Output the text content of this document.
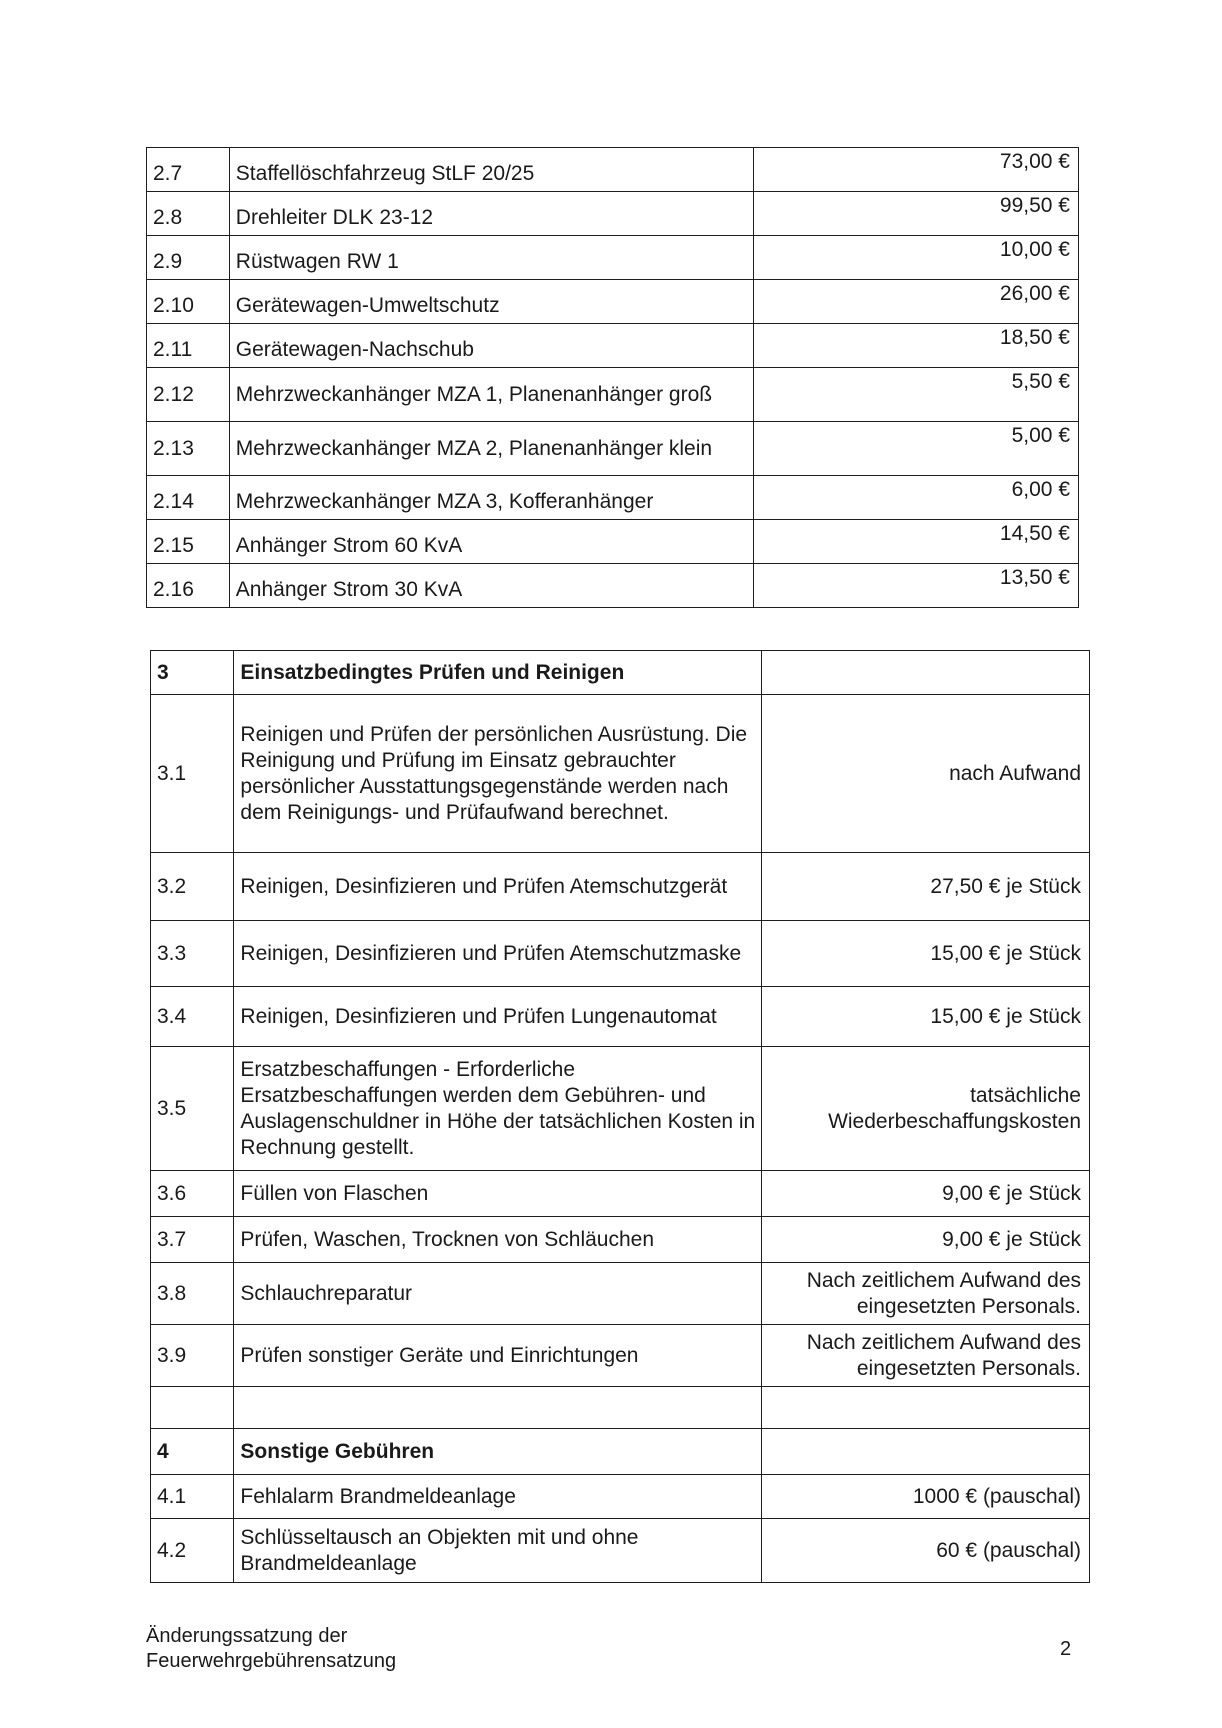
2.7	Staffellöschfahrzeug StLF 20/25	73,00 €
2.8	Drehleiter DLK 23-12	99,50 €
2.9	Rüstwagen RW 1	10,00 €
2.10	Gerätewagen-Umweltschutz	26,00 €
2.11	Gerätewagen-Nachschub	18,50 €
2.12	Mehrzweckanhänger MZA 1, Planenanhänger groß	5,50 €
2.13	Mehrzweckanhänger MZA 2, Planenanhänger klein	5,00 €
2.14	Mehrzweckanhänger MZA 3, Kofferanhänger	6,00 €
2.15	Anhänger Strom 60 KvA	14,50 €
2.16	Anhänger Strom 30 KvA	13,50 €
3	Einsatzbedingtes Prüfen und Reinigen	
3.1	Reinigen und Prüfen der persönlichen Ausrüstung. Die Reinigung und Prüfung im Einsatz gebrauchter persönlicher Ausstattungsgegenstände werden nach dem Reinigungs- und Prüfaufwand berechnet.	nach Aufwand
3.2	Reinigen, Desinfizieren und Prüfen Atemschutzgerät	27,50 € je Stück
3.3	Reinigen, Desinfizieren und Prüfen Atemschutzmaske	15,00 € je Stück
3.4	Reinigen, Desinfizieren und Prüfen Lungenautomat	15,00 € je Stück
3.5	Ersatzbeschaffungen - Erforderliche Ersatzbeschaffungen werden dem Gebühren- und Auslagenschuldner in Höhe der tatsächlichen Kosten in Rechnung gestellt.	tatsächliche Wiederbeschaffungskosten
3.6	Füllen von Flaschen	9,00 € je Stück
3.7	Prüfen, Waschen, Trocknen von Schläuchen	9,00 € je Stück
3.8	Schlauchreparatur	Nach zeitlichem Aufwand des eingesetzten Personals.
3.9	Prüfen sonstiger Geräte und Einrichtungen	Nach zeitlichem Aufwand des eingesetzten Personals.

4	Sonstige Gebühren	
4.1	Fehlalarm Brandmeldeanlage	1000 € (pauschal)
4.2	Schlüsseltausch an Objekten mit und ohne Brandmeldeanlage	60 € (pauschal)
Änderungssatzung der
Feuerwehrgebührensatzung
2
